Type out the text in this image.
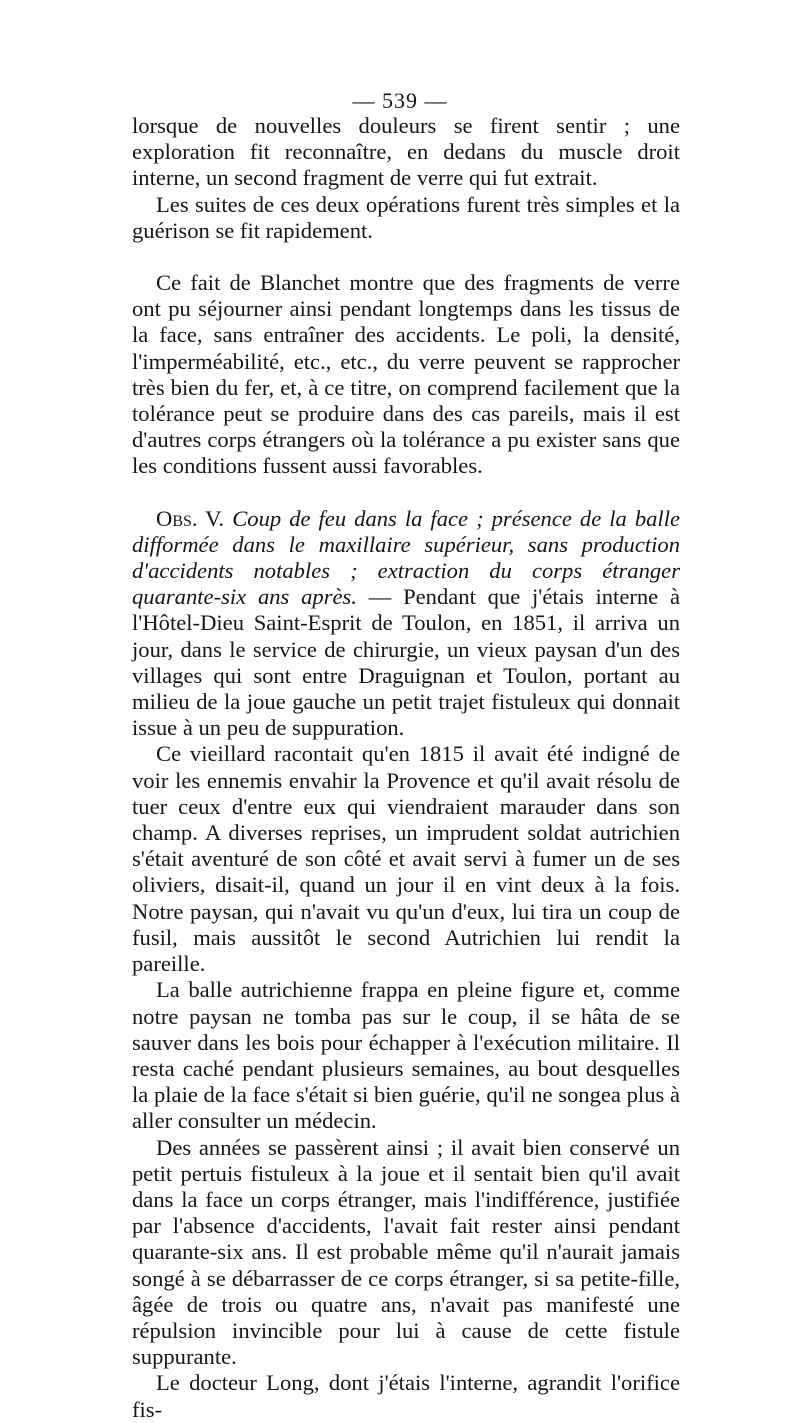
— 539 —

lorsque de nouvelles douleurs se firent sentir ; une exploration fit reconnaître, en dedans du muscle droit interne, un second fragment de verre qui fut extrait.

Les suites de ces deux opérations furent très simples et la guérison se fit rapidement.

Ce fait de Blanchet montre que des fragments de verre ont pu séjourner ainsi pendant longtemps dans les tissus de la face, sans entraîner des accidents. Le poli, la densité, l'imperméabilité, etc., etc., du verre peuvent se rapprocher très bien du fer, et, à ce titre, on comprend facilement que la tolérance peut se produire dans des cas pareils, mais il est d'autres corps étrangers où la tolérance a pu exister sans que les conditions fussent aussi favorables.

Obs. V. Coup de feu dans la face ; présence de la balle difformée dans le maxillaire supérieur, sans production d'accidents notables ; extraction du corps étranger quarante-six ans après. — Pendant que j'étais interne à l'Hôtel-Dieu Saint-Esprit de Toulon, en 1851, il arriva un jour, dans le service de chirurgie, un vieux paysan d'un des villages qui sont entre Draguignan et Toulon, portant au milieu de la joue gauche un petit trajet fistuleux qui donnait issue à un peu de suppuration.

Ce vieillard racontait qu'en 1815 il avait été indigné de voir les ennemis envahir la Provence et qu'il avait résolu de tuer ceux d'entre eux qui viendraient marauder dans son champ. A diverses reprises, un imprudent soldat autrichien s'était aventuré de son côté et avait servi à fumer un de ses oliviers, disait-il, quand un jour il en vint deux à la fois. Notre paysan, qui n'avait vu qu'un d'eux, lui tira un coup de fusil, mais aussitôt le second Autrichien lui rendit la pareille.

La balle autrichienne frappa en pleine figure et, comme notre paysan ne tomba pas sur le coup, il se hâta de se sauver dans les bois pour échapper à l'exécution militaire. Il resta caché pendant plusieurs semaines, au bout desquelles la plaie de la face s'était si bien guérie, qu'il ne songea plus à aller consulter un médecin.

Des années se passèrent ainsi ; il avait bien conservé un petit pertuis fistuleux à la joue et il sentait bien qu'il avait dans la face un corps étranger, mais l'indifférence, justifiée par l'absence d'accidents, l'avait fait rester ainsi pendant quarante-six ans. Il est probable même qu'il n'aurait jamais songé à se débarrasser de ce corps étranger, si sa petite-fille, âgée de trois ou quatre ans, n'avait pas manifesté une répulsion invincible pour lui à cause de cette fistule suppurante.

Le docteur Long, dont j'étais l'interne, agrandit l'orifice fis-
